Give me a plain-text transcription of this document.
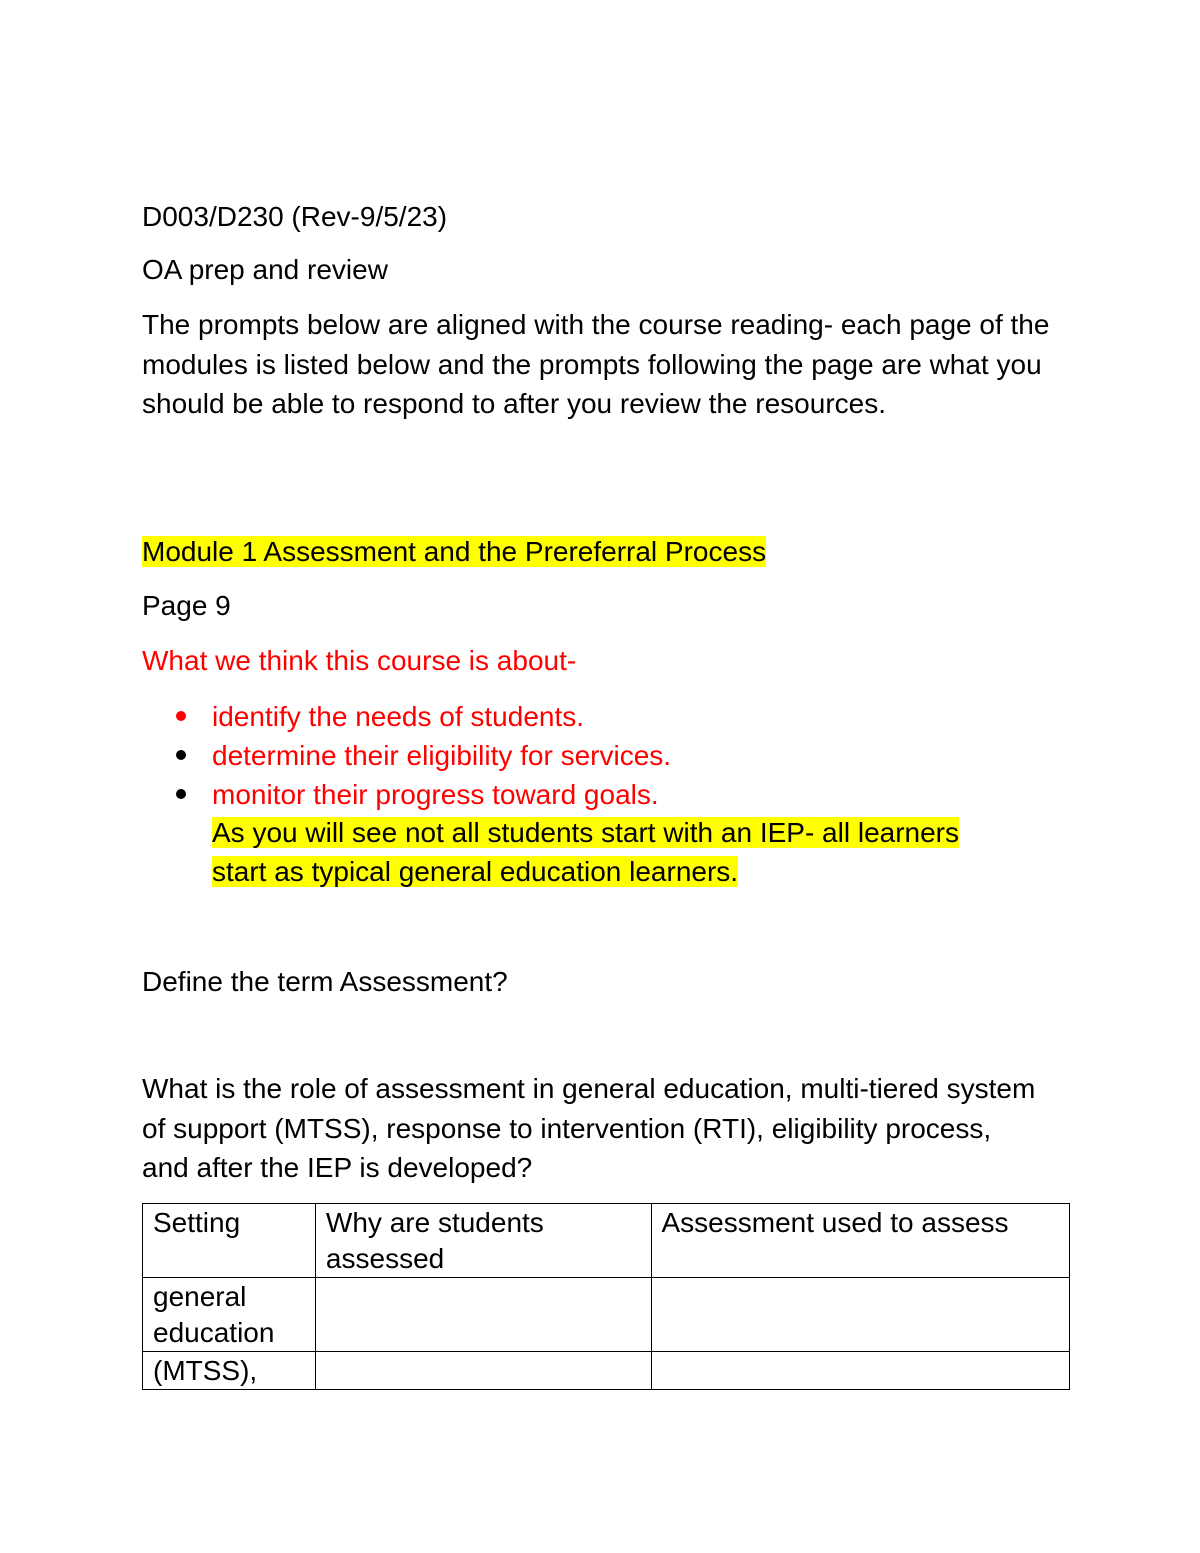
D003/D230 (Rev-9/5/23)

OA prep and review

The prompts below are aligned with the course reading- each page of the modules is listed below and the prompts following the page are what you should be able to respond to after you review the resources.

Module 1 Assessment and the Prereferral Process

Page 9

What we think this course is about-

identify the needs of students.
determine their eligibility for services.
monitor their progress toward goals.

As you will see not all students start with an IEP- all learners
start as typical general education learners.

Define the term Assessment?

What is the role of assessment in general education, multi-tiered system of support (MTSS), response to intervention (RTI), eligibility process, and after the IEP is developed?

Setting	Why are students assessed	Assessment used to assess
general education		
(MTSS),		
